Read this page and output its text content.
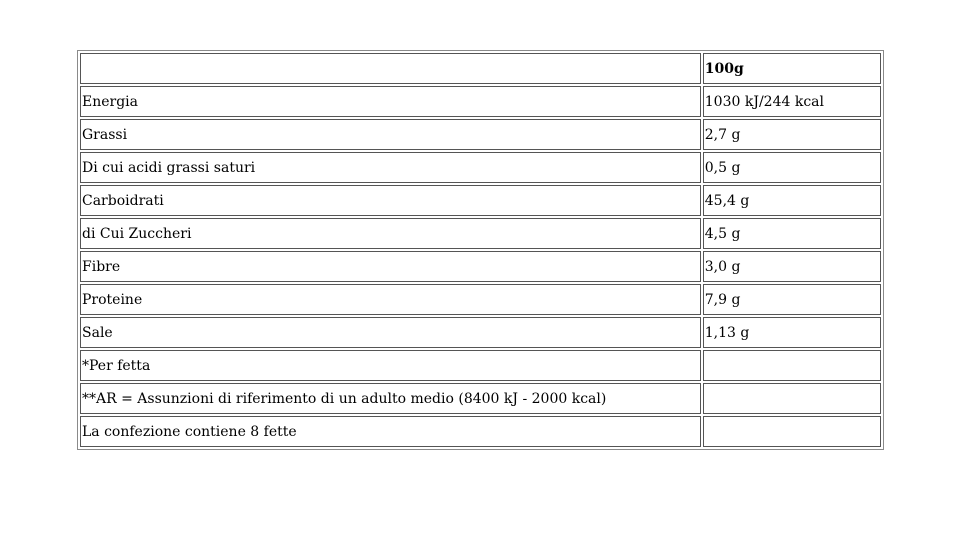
	100g
Energia	1030 kJ/244 kcal
Grassi	2,7 g
Di cui acidi grassi saturi	0,5 g
Carboidrati	45,4 g
di Cui Zuccheri	4,5 g
Fibre	3,0 g
Proteine	7,9 g
Sale	1,13 g
*Per fetta	
**AR = Assunzioni di riferimento di un adulto medio (8400 kJ - 2000 kcal)	
La confezione contiene 8 fette	
